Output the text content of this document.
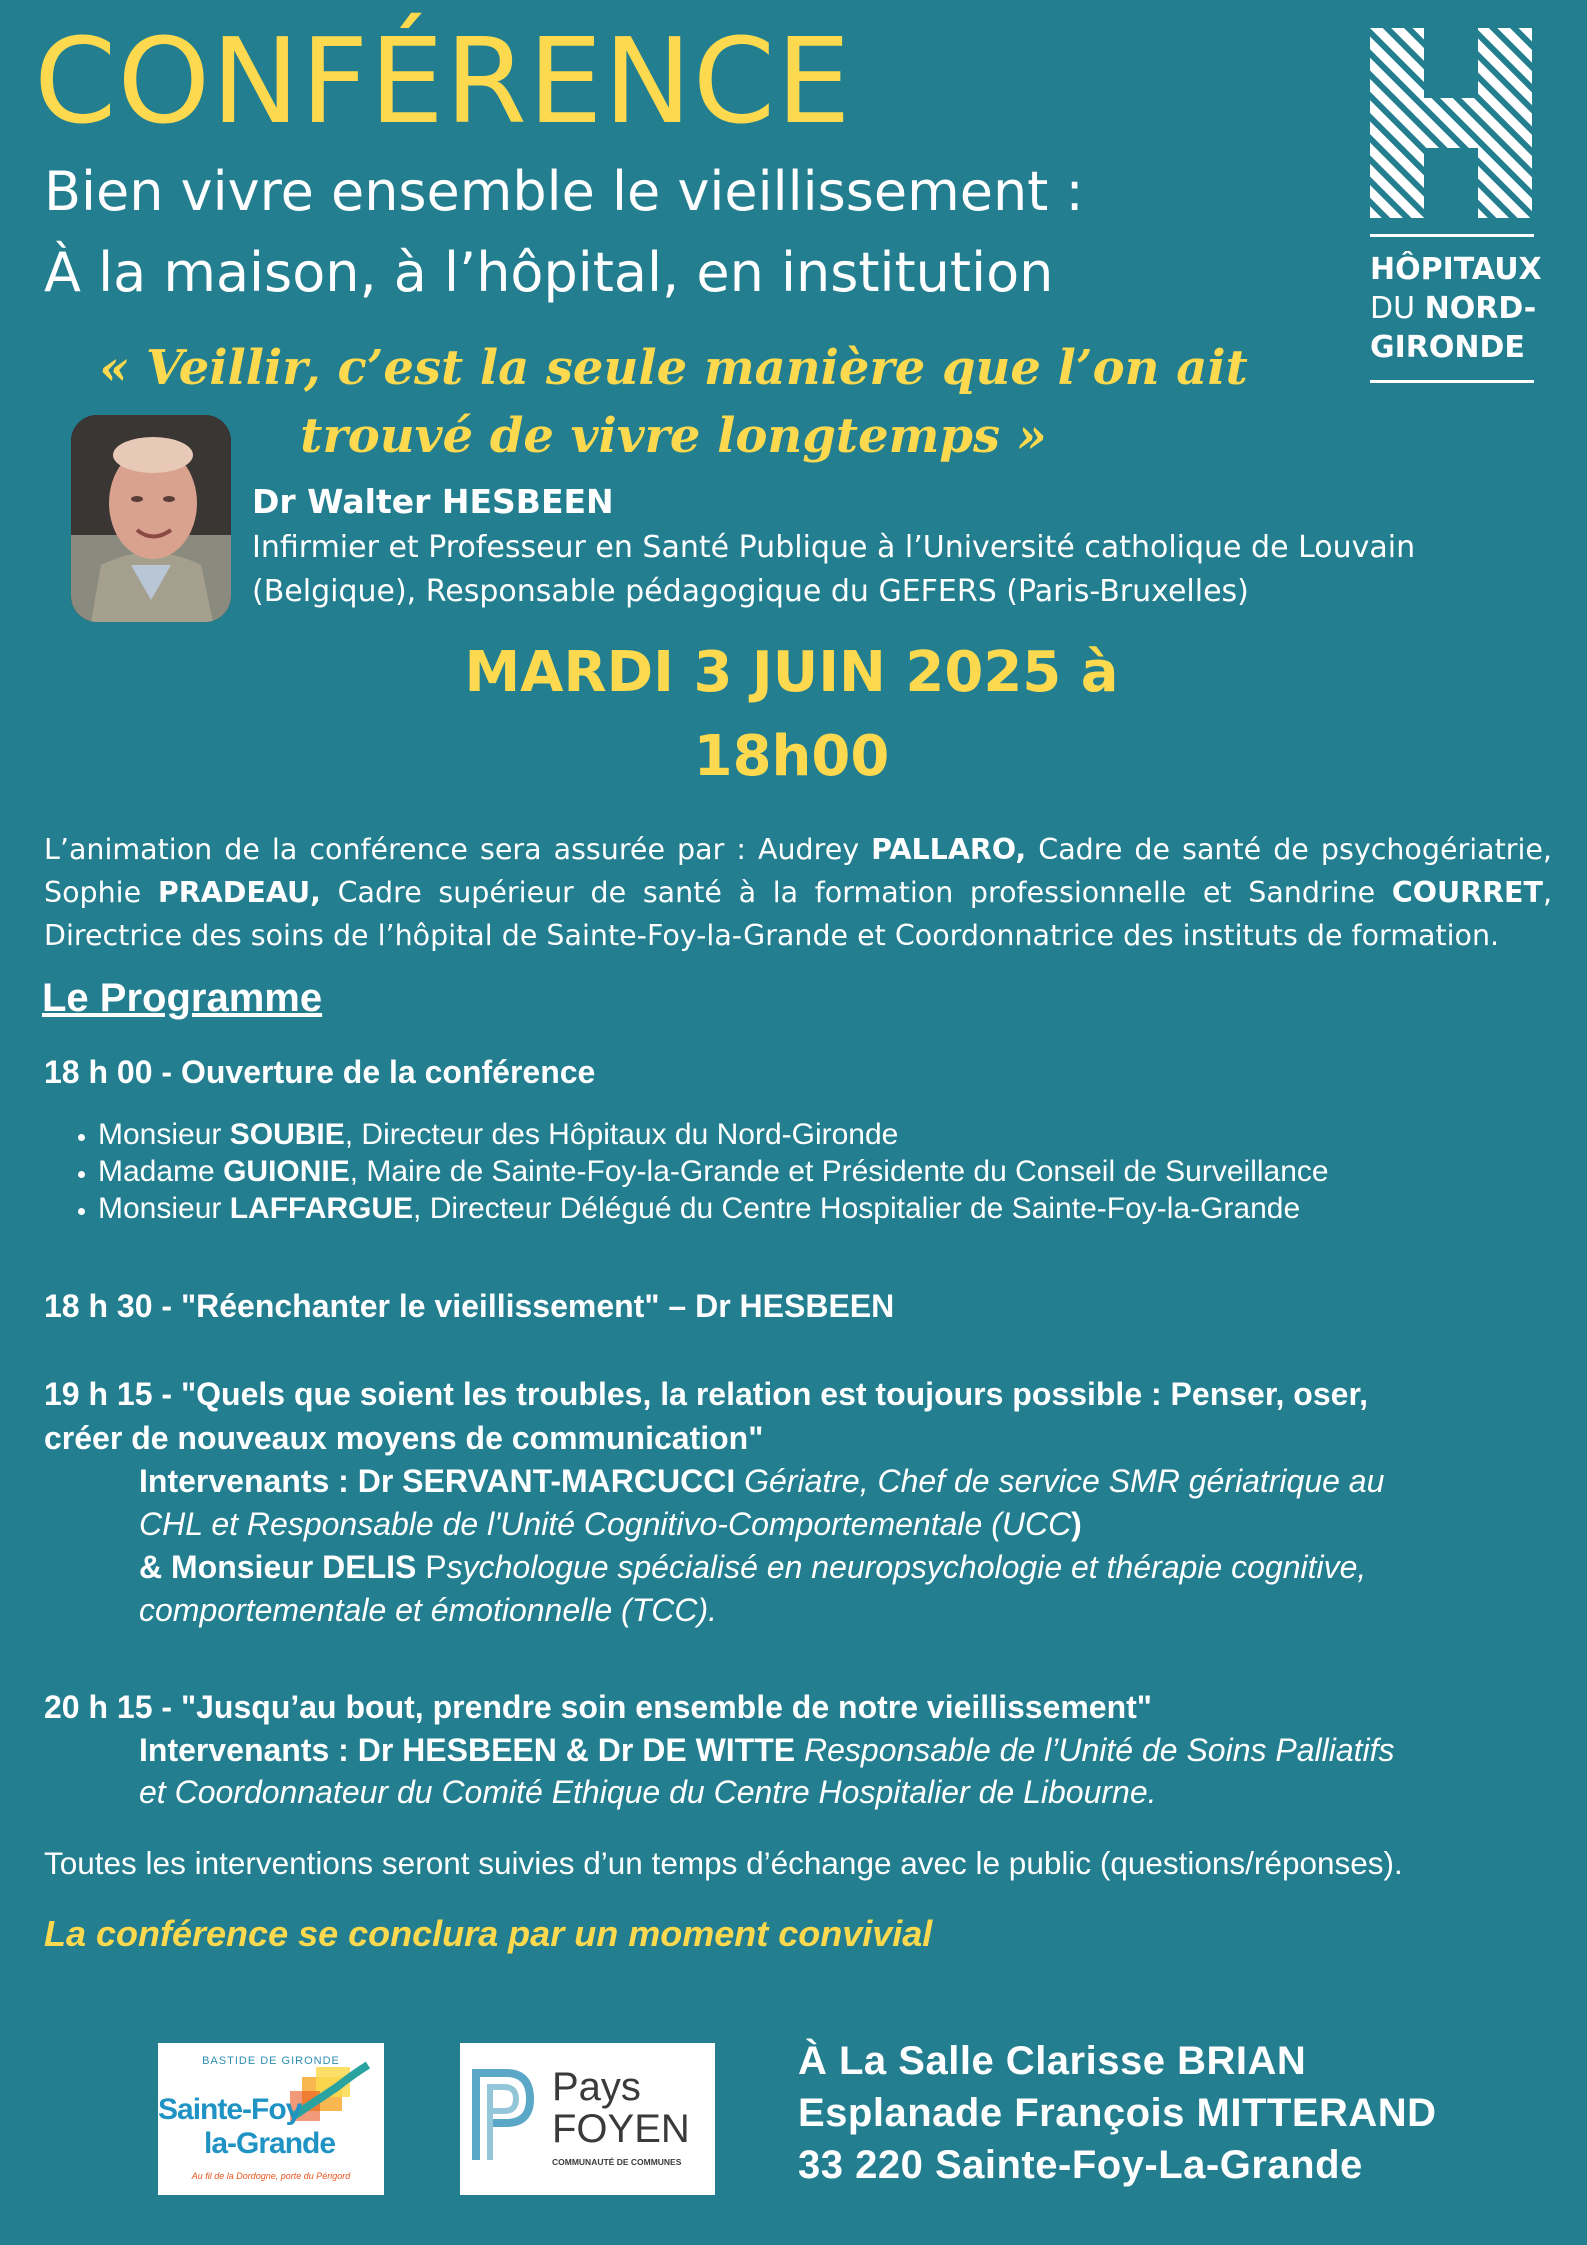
CONFÉRENCE
Bien vivre ensemble le vieillissement :
À la maison, à l’hôpital, en institution	HÔPITAUX
DU NORD-
GIRONDE
« Veillir, c’est la seule manière que l’on ait
trouvé de vivre longtemps »
Dr Walter HESBEEN
Infirmier et Professeur en Santé Publique à l’Université catholique de Louvain
(Belgique), Responsable pédagogique du GEFERS (Paris-Bruxelles)
MARDI 3 JUIN 2025 à
18h00
L’animation de la conférence sera assurée par : Audrey PALLARO, Cadre de santé de psychogériatrie, Sophie PRADEAU, Cadre supérieur de santé à la formation professionnelle et Sandrine COURRET, Directrice des soins de l’hôpital de Sainte-Foy-la-Grande et Coordonnatrice des instituts de formation.
Le Programme
18 h 00 - Ouverture de la conférence
• Monsieur SOUBIE, Directeur des Hôpitaux du Nord-Gironde
• Madame GUIONIE, Maire de Sainte-Foy-la-Grande et Présidente du Conseil de Surveillance
• Monsieur LAFFARGUE, Directeur Délégué du Centre Hospitalier de Sainte-Foy-la-Grande
18 h 30 - "Réenchanter le vieillissement" – Dr HESBEEN
19 h 15 - "Quels que soient les troubles, la relation est toujours possible : Penser, oser,
créer de nouveaux moyens de communication"
Intervenants : Dr SERVANT-MARCUCCI Gériatre, Chef de service SMR gériatrique au
CHL et Responsable de l'Unité Cognitivo-Comportementale (UCC)
& Monsieur DELIS Psychologue spécialisé en neuropsychologie et thérapie cognitive,
comportementale et émotionnelle (TCC).
20 h 15 - "Jusqu’au bout, prendre soin ensemble de notre vieillissement"
Intervenants : Dr HESBEEN & Dr DE WITTE Responsable de l’Unité de Soins Palliatifs
et Coordonnateur du Comité Ethique du Centre Hospitalier de Libourne.
Toutes les interventions seront suivies d’un temps d’échange avec le public (questions/réponses).
La conférence se conclura par un moment convivial
BASTIDE DE GIRONDE
Sainte-Foy
la-Grande
Au fil de la Dordogne, porte du Périgord
Pays
FOYEN
COMMUNAUTÉ DE COMMUNES
À La Salle Clarisse BRIAN
Esplanade François MITTERAND
33 220 Sainte-Foy-La-Grande
